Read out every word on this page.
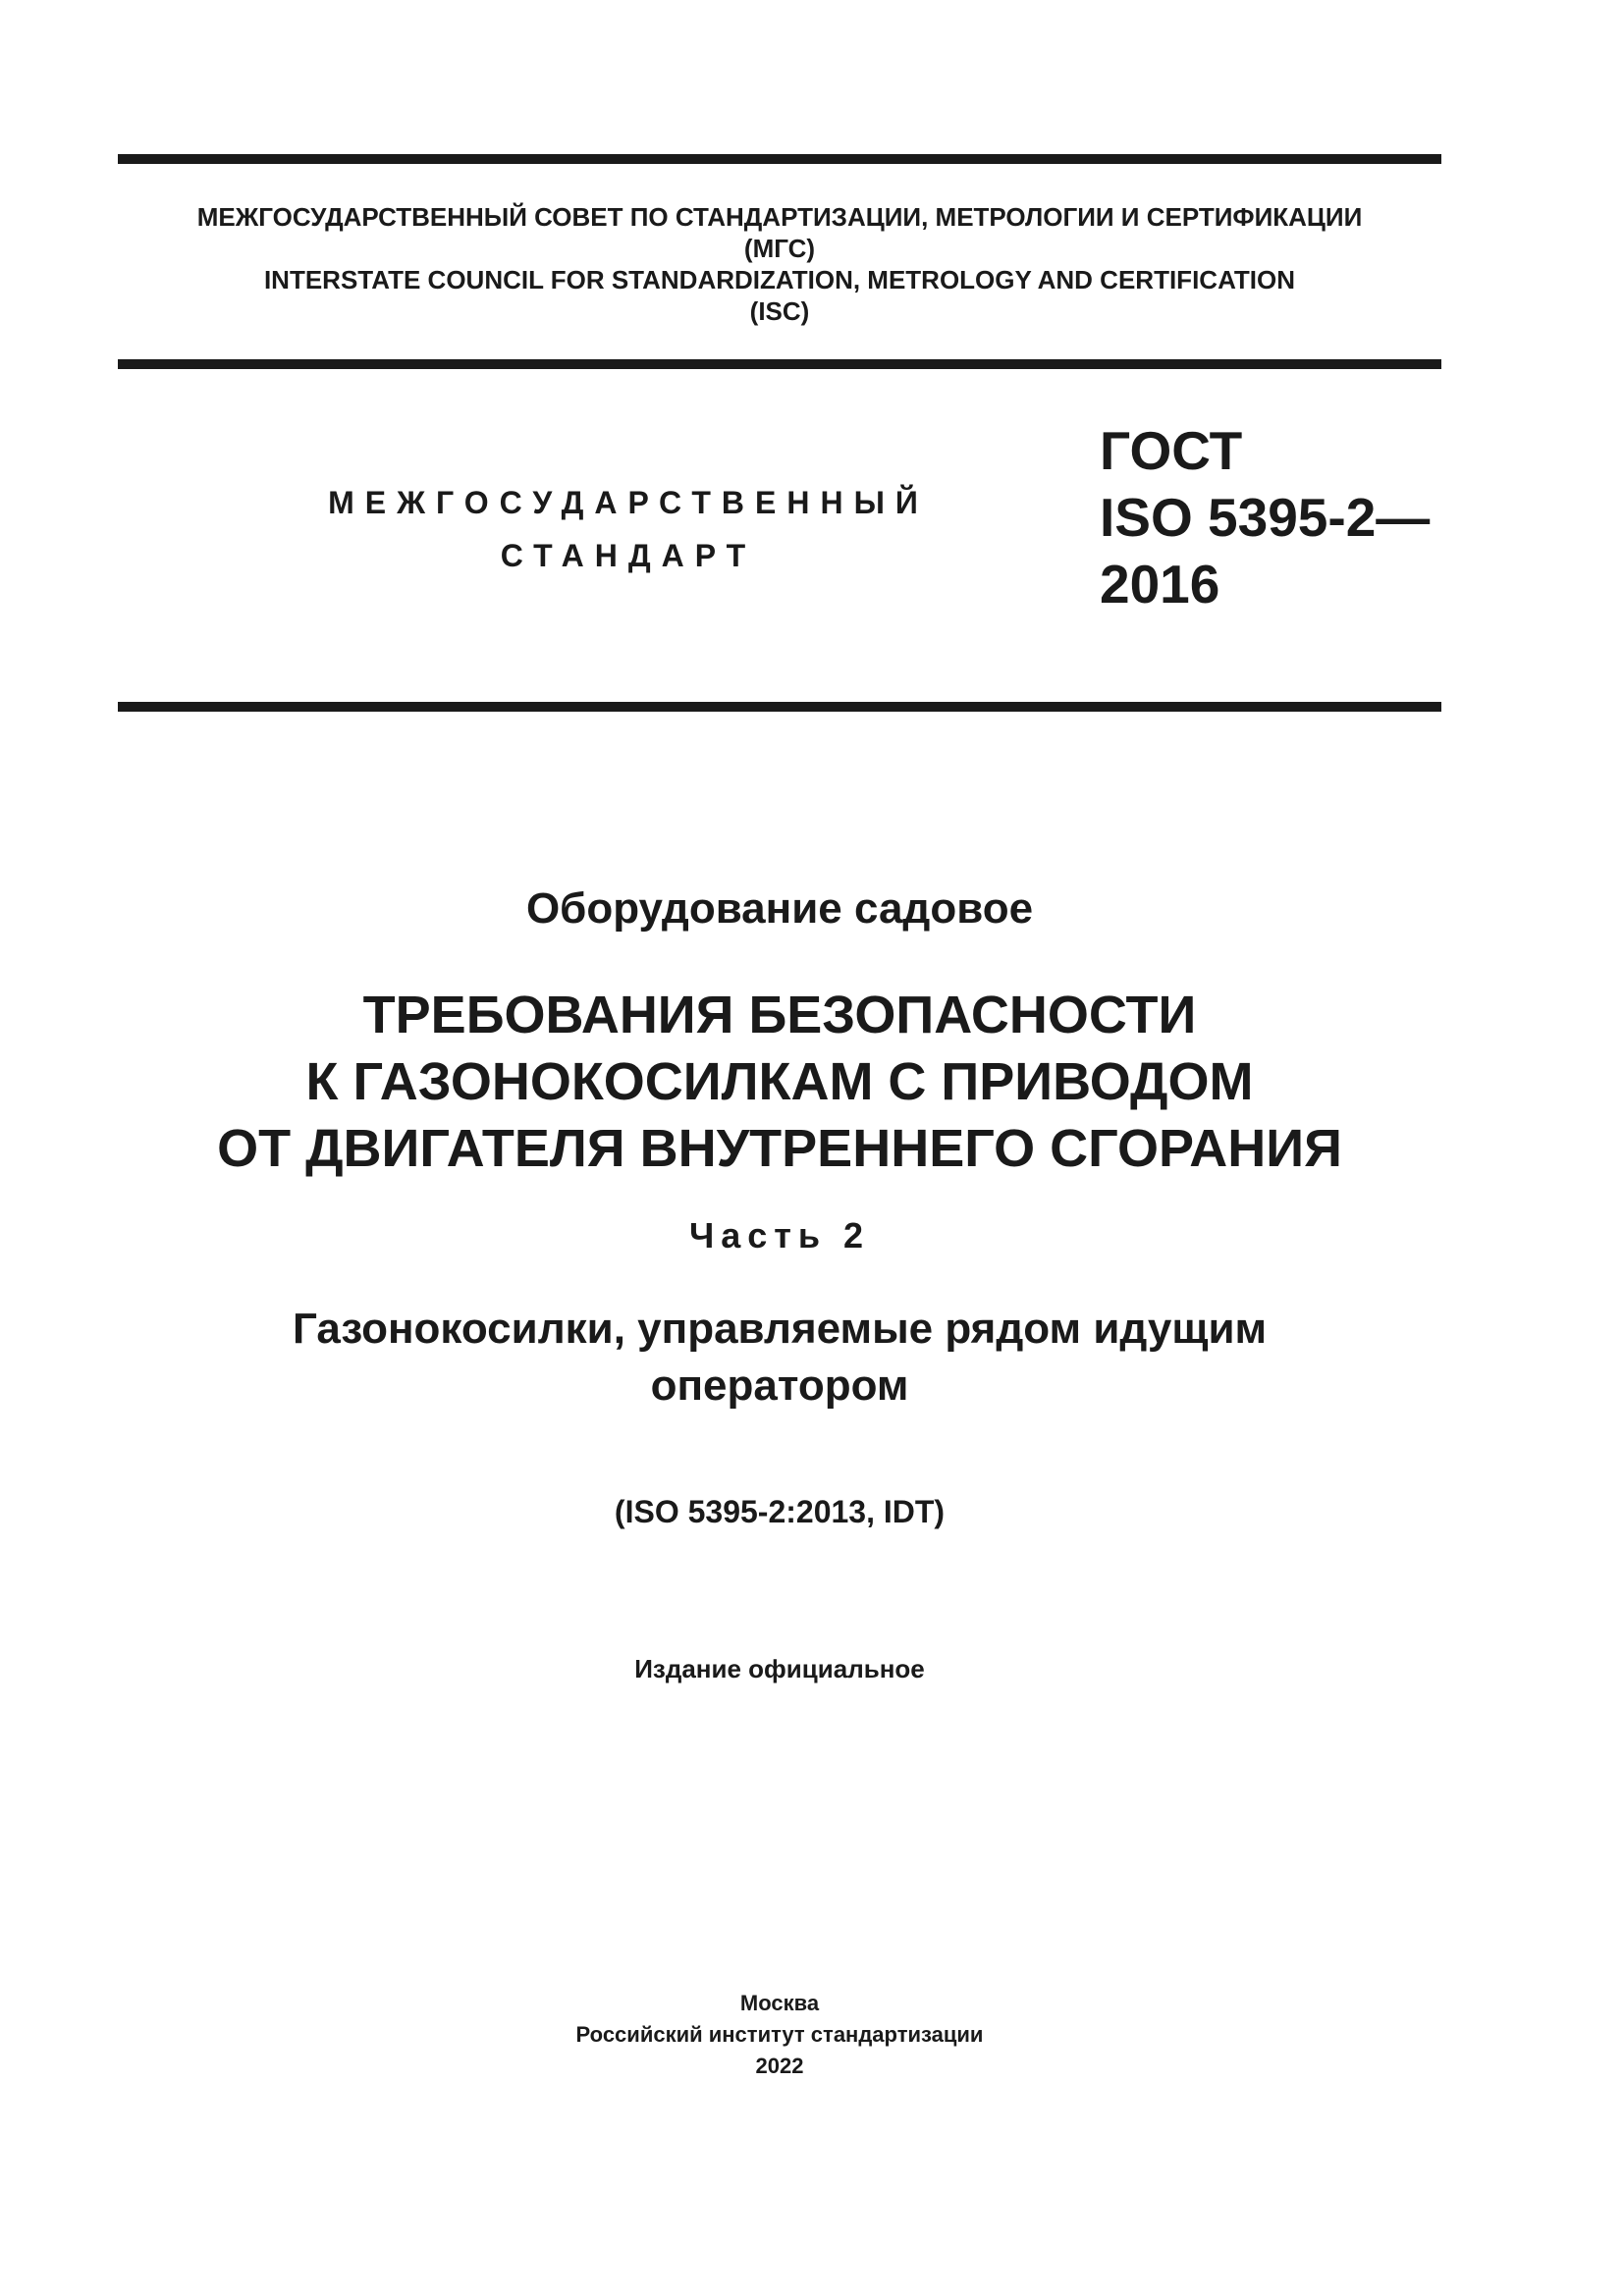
МЕЖГОСУДАРСТВЕННЫЙ СОВЕТ ПО СТАНДАРТИЗАЦИИ, МЕТРОЛОГИИ И СЕРТИФИКАЦИИ
(МГС)
INTERSTATE COUNCIL FOR STANDARDIZATION, METROLOGY AND CERTIFICATION
(ISC)
МЕЖГОСУДАРСТВЕННЫЙ
СТАНДАРТ
ГОСТ
ISO 5395-2—
2016
Оборудование садовое
ТРЕБОВАНИЯ БЕЗОПАСНОСТИ
К ГАЗОНОКОСИЛКАМ С ПРИВОДОМ
ОТ ДВИГАТЕЛЯ ВНУТРЕННЕГО СГОРАНИЯ
Часть 2
Газонокосилки, управляемые рядом идущим
оператором
(ISO 5395-2:2013, IDT)
Издание официальное
Москва
Российский институт стандартизации
2022
